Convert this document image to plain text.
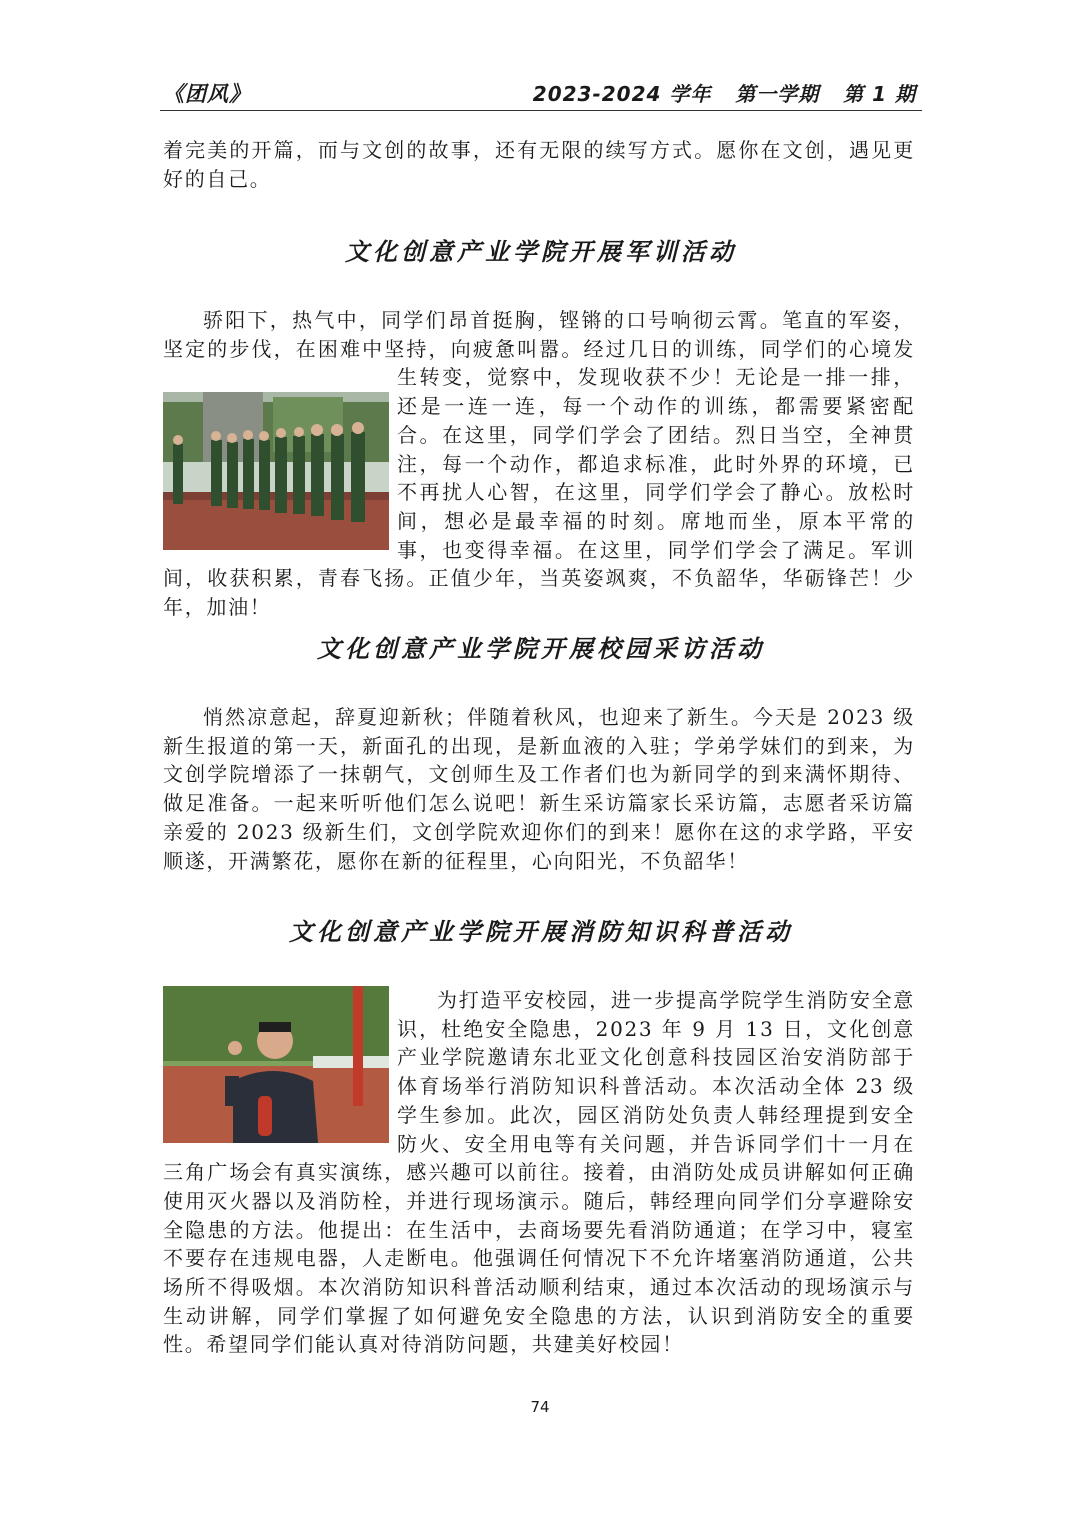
《团风》	2023-2024 学年   第一学期   第 1 期

着完美的开篇，而与文创的故事，还有无限的续写方式。愿你在文创，遇见更好的自己。

文化创意产业学院开展军训活动

骄阳下，热气中，同学们昂首挺胸，铿锵的口号响彻云霄。笔直的军姿，坚定的步伐，在困难中坚持，向疲惫叫嚣。经过几日的训练，同学们的心境发生转变，觉察中，发现收获不少！无论是一排一排，还是一连一连，每一个动作的训练，都需要紧密配合。在这里，同学们学会了团结。烈日当空，全神贯注，每一个动作，都追求标准，此时外界的环境，已不再扰人心智，在这里，同学们学会了静心。放松时间，想必是最幸福的时刻。席地而坐，原本平常的事，也变得幸福。在这里，同学们学会了满足。军训间，收获积累，青春飞扬。正值少年，当英姿飒爽，不负韶华，华砺锋芒！少年，加油！

文化创意产业学院开展校园采访活动

悄然凉意起，辞夏迎新秋；伴随着秋风，也迎来了新生。今天是 2023 级新生报道的第一天，新面孔的出现，是新血液的入驻；学弟学妹们的到来，为文创学院增添了一抹朝气，文创师生及工作者们也为新同学的到来满怀期待、做足准备。一起来听听他们怎么说吧！新生采访篇家长采访篇，志愿者采访篇亲爱的 2023 级新生们，文创学院欢迎你们的到来！愿你在这的求学路，平安顺遂，开满繁花，愿你在新的征程里，心向阳光，不负韶华！

文化创意产业学院开展消防知识科普活动

为打造平安校园，进一步提高学院学生消防安全意识，杜绝安全隐患，2023 年 9 月 13 日，文化创意产业学院邀请东北亚文化创意科技园区治安消防部于体育场举行消防知识科普活动。本次活动全体 23 级学生参加。此次，园区消防处负责人韩经理提到安全防火、安全用电等有关问题，并告诉同学们十一月在三角广场会有真实演练，感兴趣可以前往。接着，由消防处成员讲解如何正确使用灭火器以及消防栓，并进行现场演示。随后，韩经理向同学们分享避除安全隐患的方法。他提出：在生活中，去商场要先看消防通道；在学习中，寝室不要存在违规电器，人走断电。他强调任何情况下不允许堵塞消防通道，公共场所不得吸烟。本次消防知识科普活动顺利结束，通过本次活动的现场演示与生动讲解，同学们掌握了如何避免安全隐患的方法，认识到消防安全的重要性。希望同学们能认真对待消防问题，共建美好校园！

74
